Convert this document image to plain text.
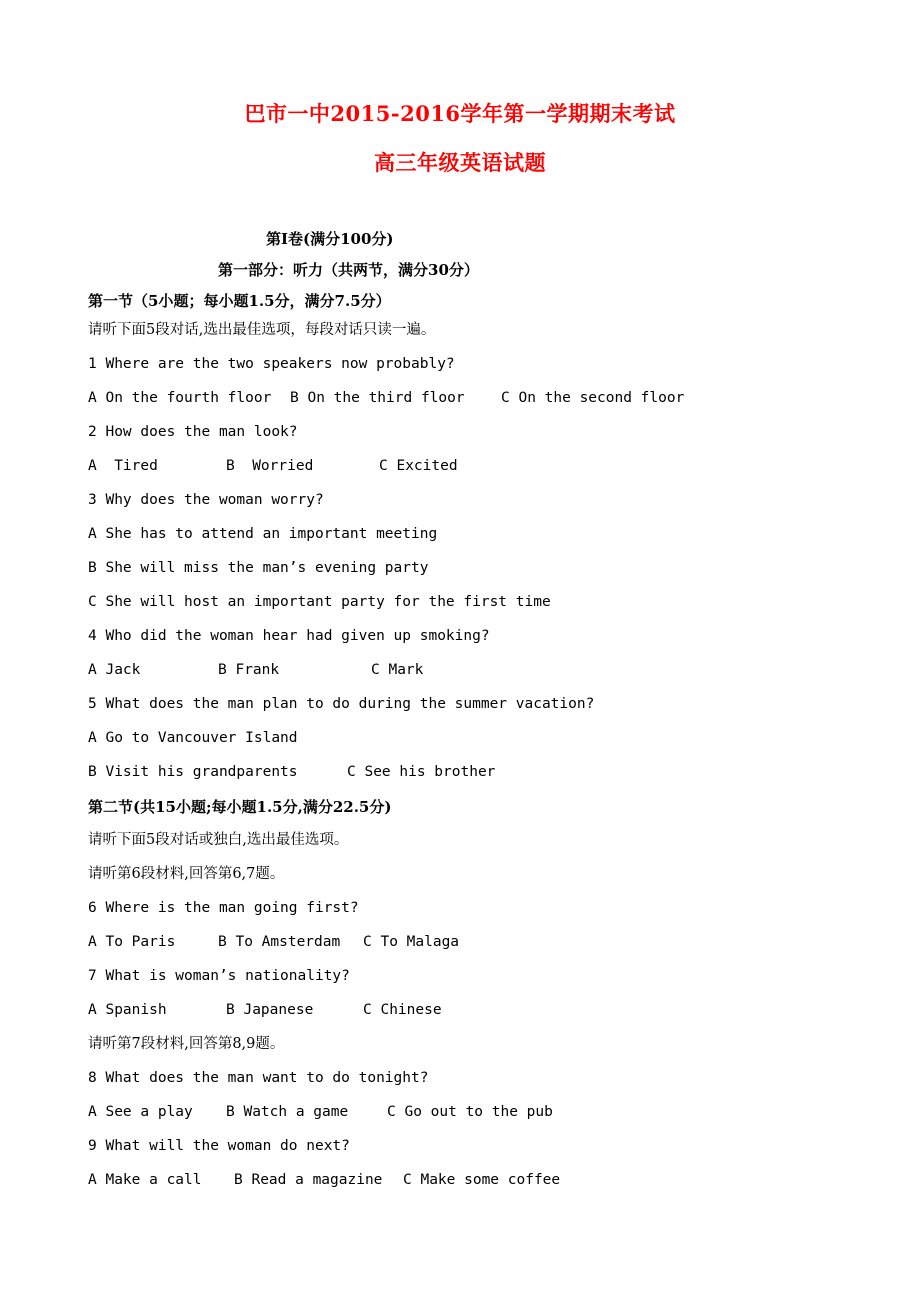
巴市一中2015-2016学年第一学期期末考试
高三年级英语试题
第I卷(满分100分)
第一部分：听力（共两节，满分30分）
第一节（5小题；每小题1.5分，满分7.5分）
请听下面5段对话,选出最佳选项，每段对话只读一遍。
1 Where are the two speakers now probably?
A On the fourth floor B On the third floor	C On the second floor
2 How does the man look?
A  Tired	B  Worried	C Excited
3 Why does the woman worry?
A She has to attend an important meeting
B She will miss the man’s evening party
C She will host an important party for the first time
4 Who did the woman hear had given up smoking?
A Jack	B Frank	C Mark
5 What does the man plan to do during the summer vacation?
A Go to Vancouver Island
B Visit his grandparents	C See his brother
第二节(共15小题;每小题1.5分,满分22.5分)
请听下面5段对话或独白,选出最佳选项。
请听第6段材料,回答第6,7题。
6 Where is the man going first?
A To Paris	B To Amsterdam C To Malaga
7 What is woman’s nationality?
A Spanish	B Japanese	C Chinese
请听第7段材料,回答第8,9题。
8 What does the man want to do tonight?
A See a play B Watch a game	C Go out to the pub
9 What will the woman do next?
A Make a call B Read a magazine C Make some coffee
